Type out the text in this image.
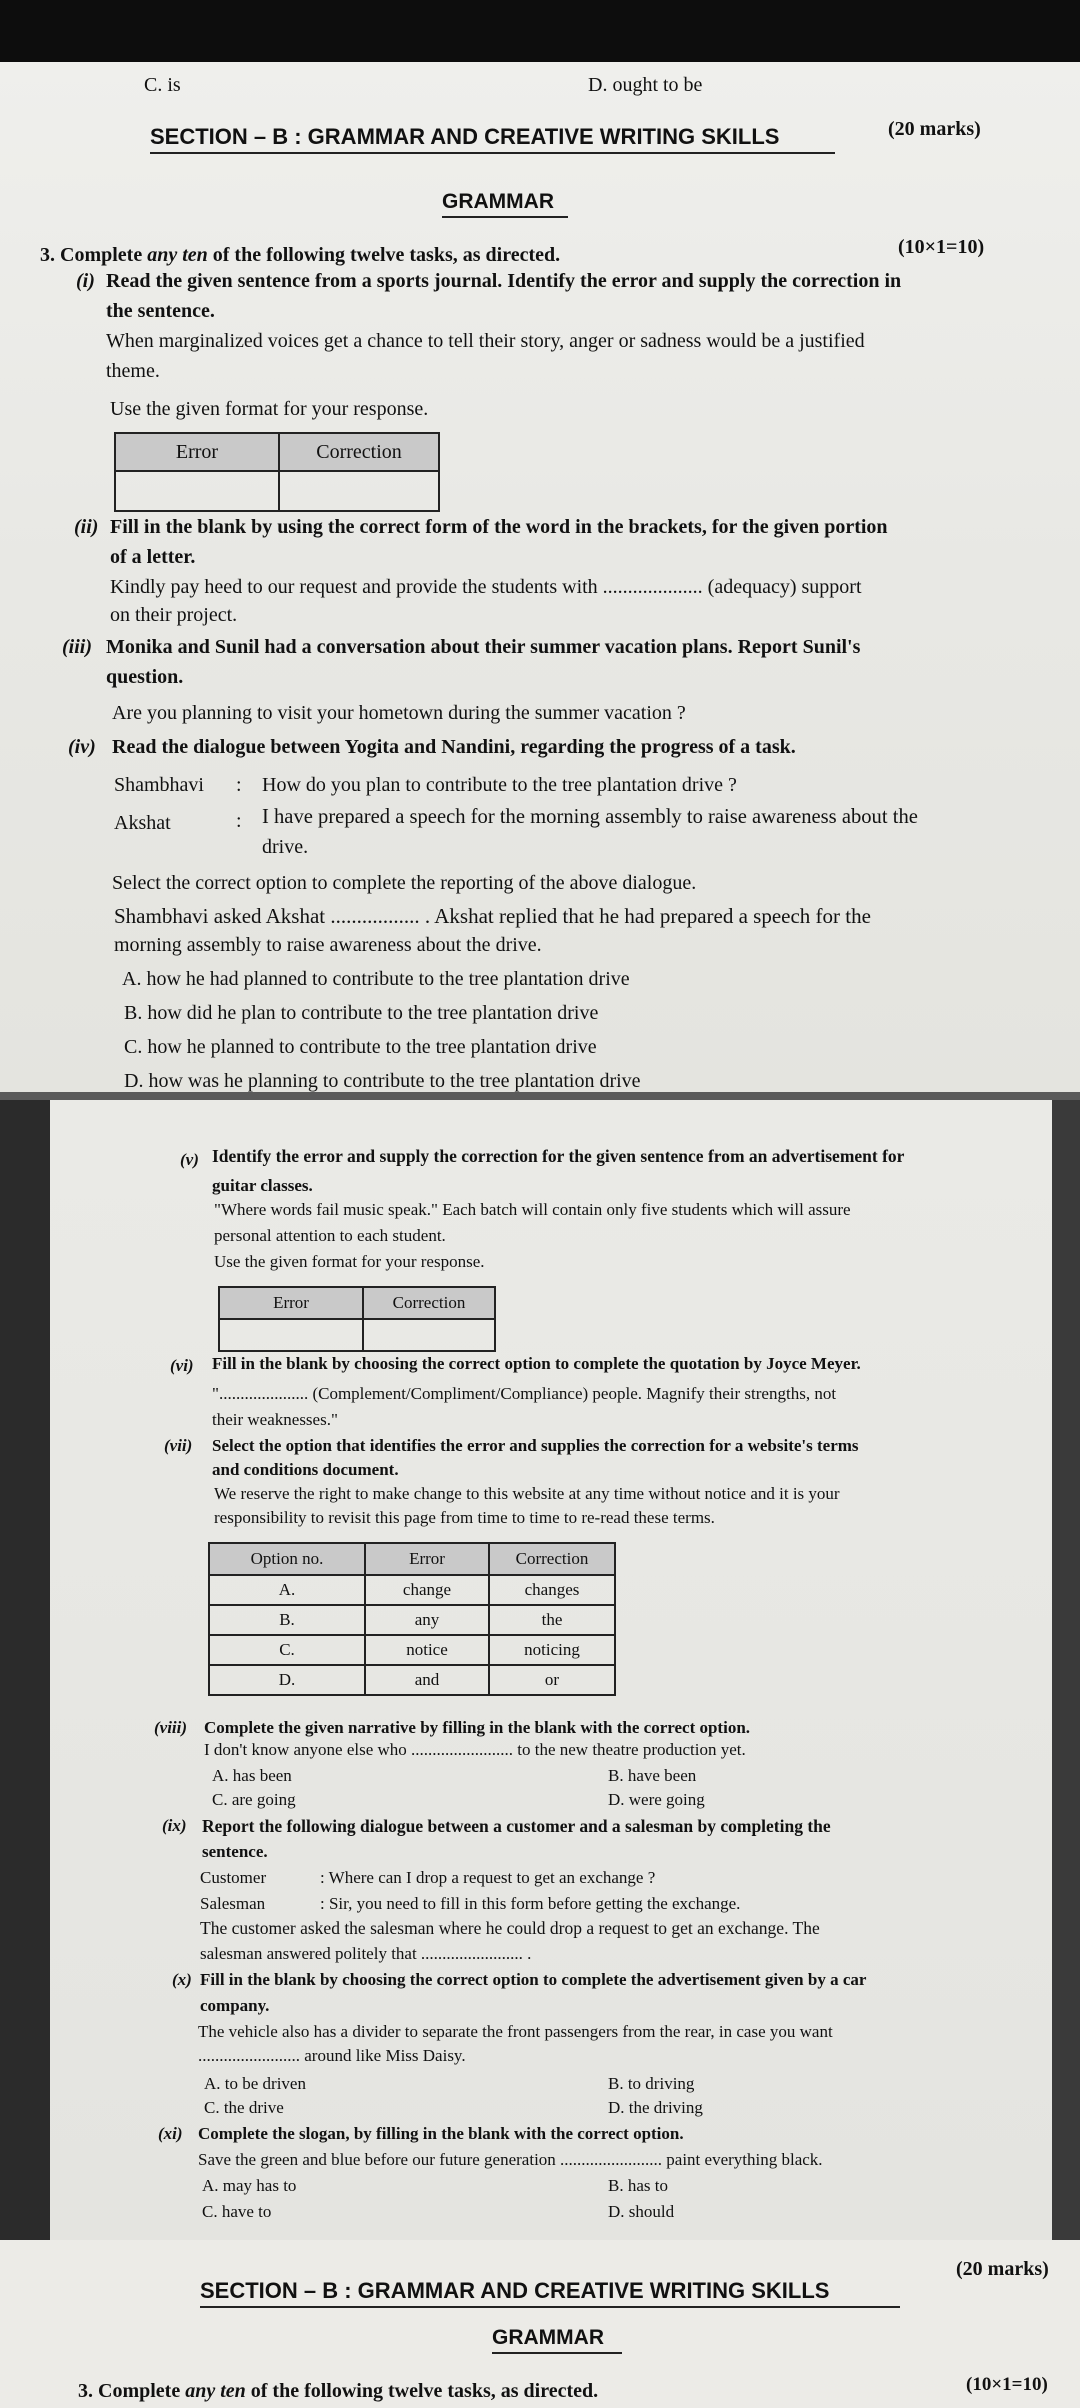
C. is	D. ought to be
SECTION – B : GRAMMAR AND CREATIVE WRITING SKILLS	(20 marks)
GRAMMAR
3. Complete any ten of the following twelve tasks, as directed.	(10×1=10)
(i) Read the given sentence from a sports journal. Identify the error and supply the correction in
the sentence.
When marginalized voices get a chance to tell their story, anger or sadness would be a justified
theme.
Use the given format for your response.
Error	Correction

(ii) Fill in the blank by using the correct form of the word in the brackets, for the given portion
of a letter.
Kindly pay heed to our request and provide the students with .................... (adequacy) support
on their project.
(iii) Monika and Sunil had a conversation about their summer vacation plans. Report Sunil's
question.
Are you planning to visit your hometown during the summer vacation ?
(iv) Read the dialogue between Yogita and Nandini, regarding the progress of a task.
Shambhavi : How do you plan to contribute to the tree plantation drive ?
Akshat	: I have prepared a speech for the morning assembly to raise awareness about the
drive.
Select the correct option to complete the reporting of the above dialogue.
Shambhavi asked Akshat ................. . Akshat replied that he had prepared a speech for the
morning assembly to raise awareness about the drive.
A. how he had planned to contribute to the tree plantation drive
B. how did he plan to contribute to the tree plantation drive
C. how he planned to contribute to the tree plantation drive
D. how was he planning to contribute to the tree plantation drive
(v) Identify the error and supply the correction for the given sentence from an advertisement for
guitar classes.
"Where words fail music speak." Each batch will contain only five students which will assure
personal attention to each student.
Use the given format for your response.
Error	Correction

(vi) Fill in the blank by choosing the correct option to complete the quotation by Joyce Meyer.
"..................... (Complement/Compliment/Compliance) people. Magnify their strengths, not
their weaknesses."
(vii) Select the option that identifies the error and supplies the correction for a website's terms
and conditions document.
We reserve the right to make change to this website at any time without notice and it is your
responsibility to revisit this page from time to time to re-read these terms.
Option no.	Error	Correction
A.	change	changes
B.	any	the
C.	notice	noticing
D.	and	or
(viii) Complete the given narrative by filling in the blank with the correct option.
I don't know anyone else who ........................ to the new theatre production yet.
A. has been	B. have been
C. are going	D. were going
(ix) Report the following dialogue between a customer and a salesman by completing the
sentence.
Customer	: Where can I drop a request to get an exchange ?
Salesman	: Sir, you need to fill in this form before getting the exchange.
The customer asked the salesman where he could drop a request to get an exchange. The
salesman answered politely that ........................ .
(x) Fill in the blank by choosing the correct option to complete the advertisement given by a car
company.
The vehicle also has a divider to separate the front passengers from the rear, in case you want
........................ around like Miss Daisy.
A. to be driven	B. to driving
C. the drive	D. the driving
(xi) Complete the slogan, by filling in the blank with the correct option.
Save the green and blue before our future generation ........................ paint everything black.
A. may has to	B. has to
C. have to	D. should
SECTION – B : GRAMMAR AND CREATIVE WRITING SKILLS
(20 marks)
GRAMMAR
3. Complete any ten of the following twelve tasks, as directed.	(10×1=10)
